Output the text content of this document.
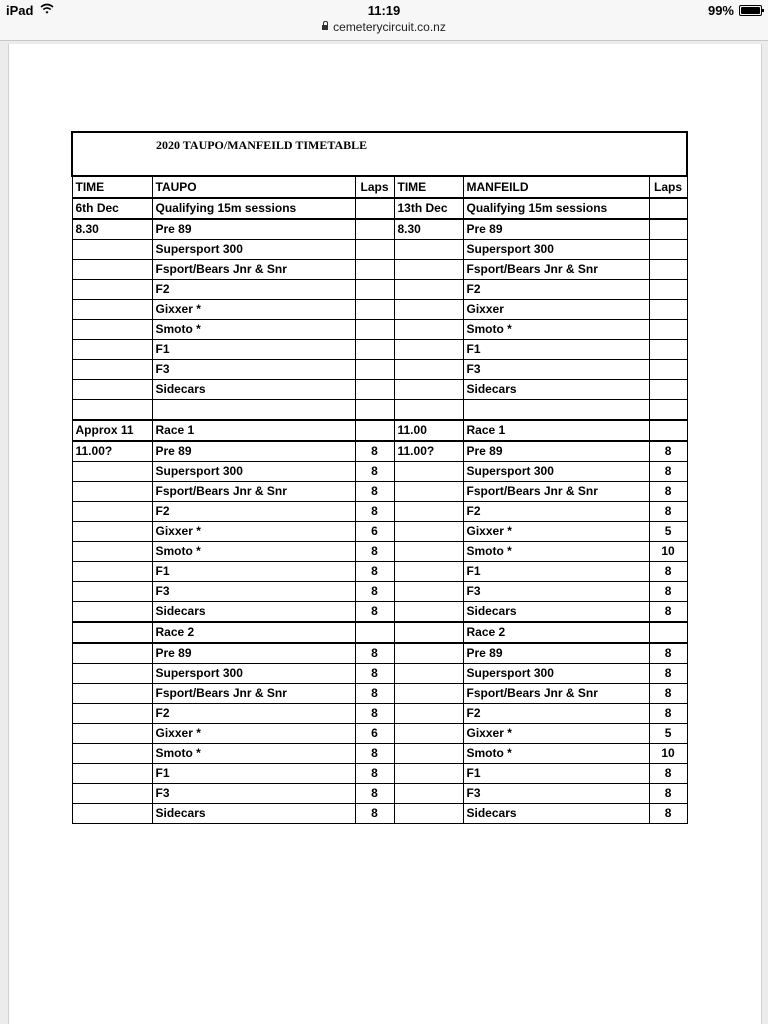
iPad	11:19	99%
cemeterycircuit.co.nz
2020 TAUPO/MANFEILD TIMETABLE					
TIME	TAUPO	Laps	TIME	MANFEILD	Laps
6th Dec	Qualifying 15m sessions		13th Dec	Qualifying 15m sessions	
8.30	Pre 89		8.30	Pre 89	
	Supersport 300			Supersport 300	
	Fsport/Bears Jnr & Snr			Fsport/Bears Jnr & Snr	
	F2			F2	
	Gixxer *			Gixxer	
	Smoto *			Smoto *	
	F1			F1	
	F3			F3	
	Sidecars			Sidecars	

Approx 11	Race 1		11.00	Race 1	
11.00?	Pre 89	8	11.00?	Pre 89	8
	Supersport 300	8		Supersport 300	8
	Fsport/Bears Jnr & Snr	8		Fsport/Bears Jnr & Snr	8
	F2	8		F2	8
	Gixxer *	6		Gixxer *	5
	Smoto *	8		Smoto *	10
	F1	8		F1	8
	F3	8		F3	8
	Sidecars	8		Sidecars	8
	Race 2			Race 2	
	Pre 89	8		Pre 89	8
	Supersport 300	8		Supersport 300	8
	Fsport/Bears Jnr & Snr	8		Fsport/Bears Jnr & Snr	8
	F2	8		F2	8
	Gixxer *	6		Gixxer *	5
	Smoto *	8		Smoto *	10
	F1	8		F1	8
	F3	8		F3	8
	Sidecars	8		Sidecars	8
